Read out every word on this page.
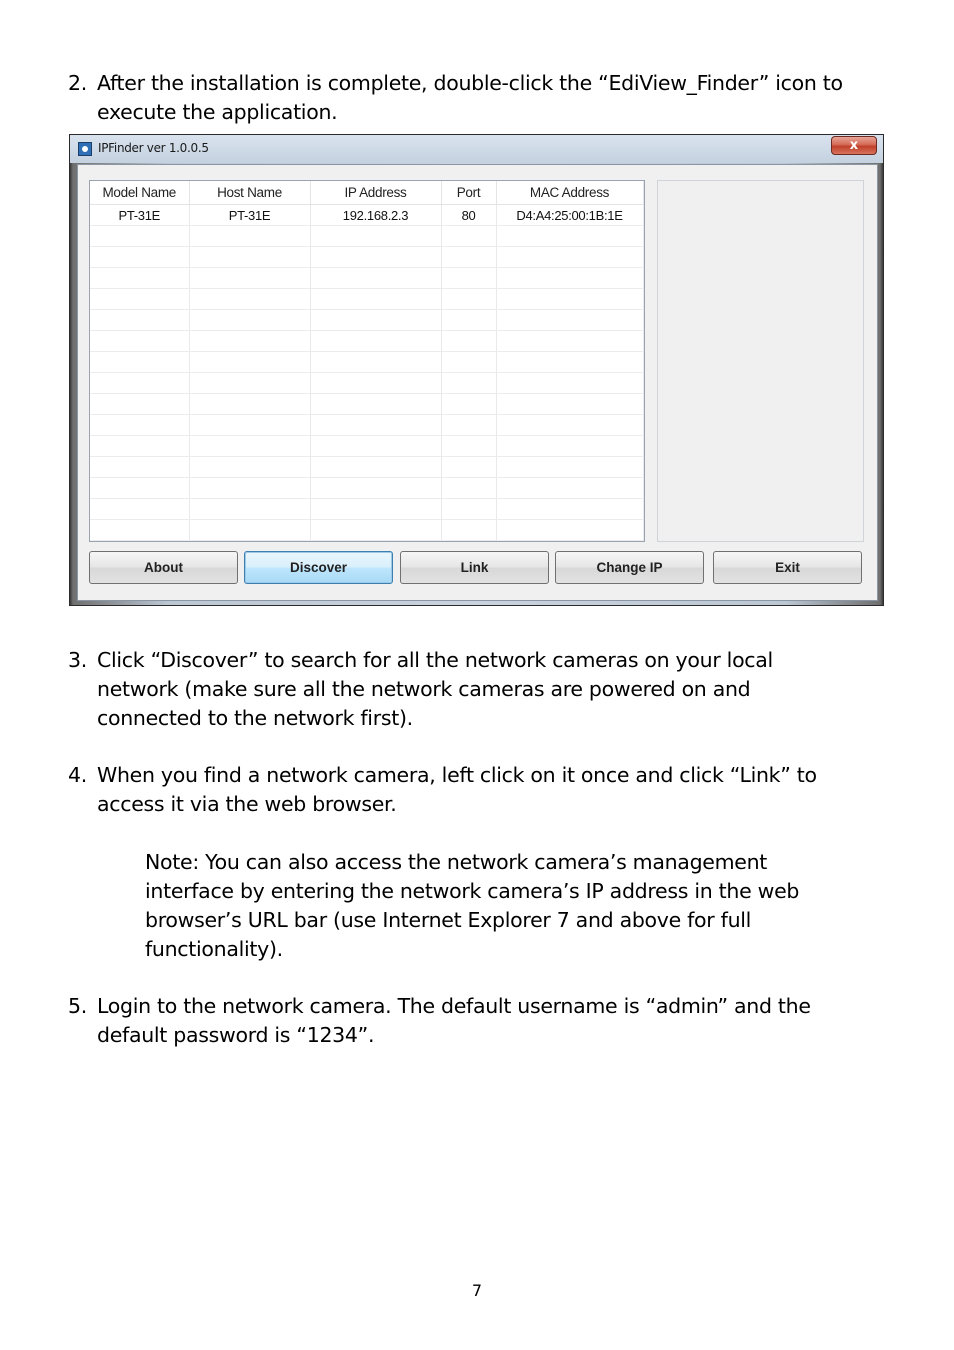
2. After the installation is complete, double-click the “EdiView_Finder” icon to
execute the application.
IPFinder ver 1.0.0.5	x
Model Name	Host Name	IP Address	Port	MAC Address
PT-31E	PT-31E	192.168.2.3	80	D4:A4:25:00:1B:1E

About	Discover	Link	Change IP	Exit
3. Click “Discover” to search for all the network cameras on your local
network (make sure all the network cameras are powered on and
connected to the network first).
4. When you find a network camera, left click on it once and click “Link” to
access it via the web browser.
Note: You can also access the network camera’s management
interface by entering the network camera’s IP address in the web
browser’s URL bar (use Internet Explorer 7 and above for full
functionality).
5. Login to the network camera. The default username is “admin” and the
default password is “1234”.
7
